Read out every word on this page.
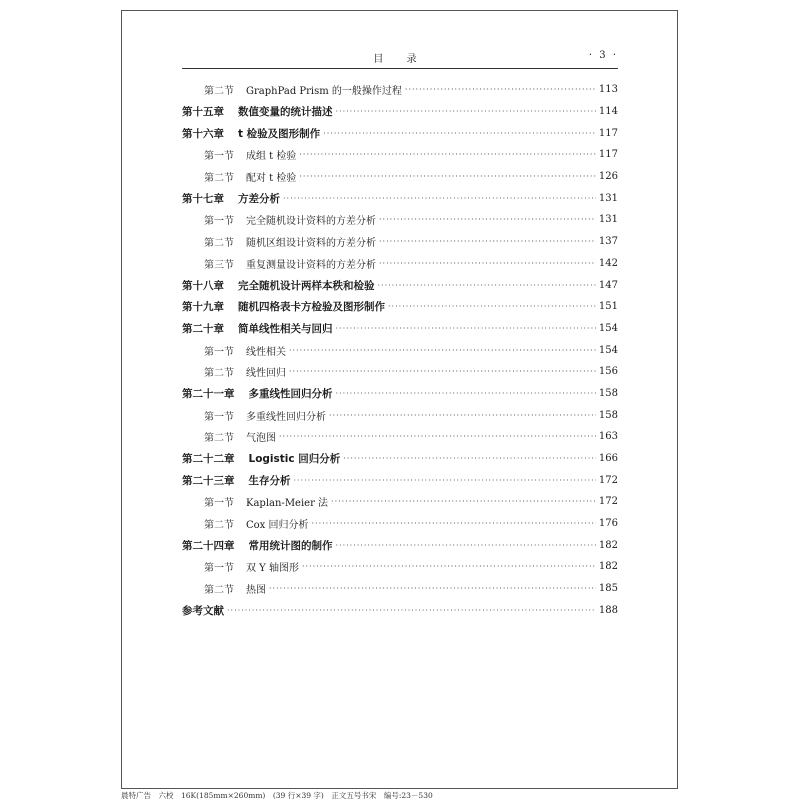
目 录	· 3 ·
第二节 GraphPad Prism 的一般操作过程 ·····	113
第十五章 数值变量的统计描述 ·····	114
第十六章 t 检验及图形制作 ·····	117
第一节 成组 t 检验 ·····	117
第二节 配对 t 检验 ·····	126
第十七章 方差分析 ·····	131
第一节 完全随机设计资料的方差分析 ·····	131
第二节 随机区组设计资料的方差分析 ·····	137
第三节 重复测量设计资料的方差分析 ·····	142
第十八章 完全随机设计两样本秩和检验 ·····	147
第十九章 随机四格表卡方检验及图形制作 ·····	151
第二十章 简单线性相关与回归 ·····	154
第一节 线性相关 ·····	154
第二节 线性回归 ·····	156
第二十一章 多重线性回归分析 ·····	158
第一节 多重线性回归分析 ·····	158
第二节 气泡图 ·····	163
第二十二章 Logistic 回归分析 ·····	166
第二十三章 生存分析 ·····	172
第一节 Kaplan-Meier 法 ·····	172
第二节 Cox 回归分析 ·····	176
第二十四章 常用统计图的制作 ·····	182
第一节 双 Y 轴图形 ·····	182
第二节 热图 ·····	185
参考文献 ·····	188
晨特广告　六校　16K(185mm×260mm)　(39 行×39 字)　正文五号书宋　编号:23－530
